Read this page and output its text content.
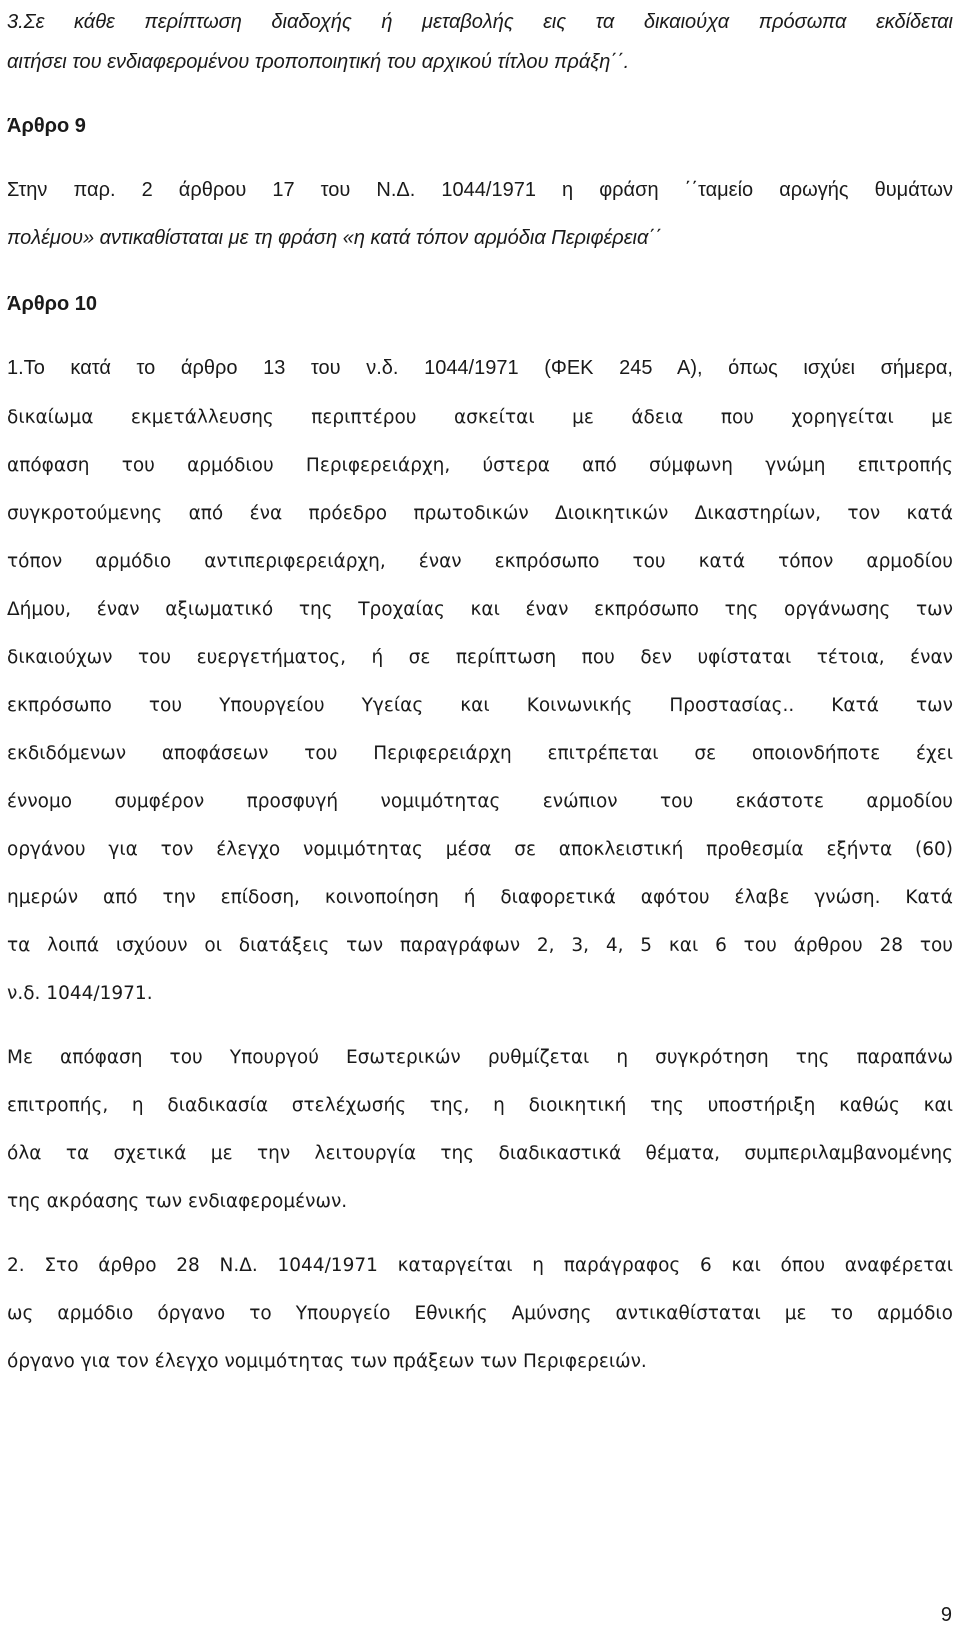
3.Σε κάθε περίπτωση διαδοχής ή μεταβολής εις τα δικαιούχα πρόσωπα εκδίδεται
αιτήσει του ενδιαφερομένου τροποποιητική του αρχικού τίτλου πράξη΄΄.
Άρθρο 9
Στην παρ. 2 άρθρου 17 του Ν.Δ. 1044/1971 η φράση ΄΄ταμείο αρωγής θυμάτων
πολέμου» αντικαθίσταται με τη φράση «η κατά τόπον αρμόδια Περιφέρεια΄΄
Άρθρο 10
1.Το κατά το άρθρο 13 του ν.δ. 1044/1971 (ΦΕΚ 245 Α), όπως ισχύει σήμερα,
δικαίωμα εκμετάλλευσης περιπτέρου ασκείται με άδεια που χορηγείται με
απόφαση του αρμόδιου Περιφερειάρχη, ύστερα από σύμφωνη γνώμη επιτροπής
συγκροτούμενης από ένα πρόεδρο πρωτοδικών Διοικητικών Δικαστηρίων, τον κατά
τόπον αρμόδιο αντιπεριφερειάρχη, έναν εκπρόσωπο του κατά τόπον αρμοδίου
Δήμου, έναν αξιωματικό της Τροχαίας και έναν εκπρόσωπο της οργάνωσης των
δικαιούχων του ευεργετήματος, ή σε περίπτωση που δεν υφίσταται τέτοια, έναν
εκπρόσωπο του Υπουργείου Υγείας και Κοινωνικής Προστασίας.. Κατά των
εκδιδόμενων αποφάσεων του Περιφερειάρχη επιτρέπεται σε οποιονδήποτε έχει
έννομο συμφέρον προσφυγή νομιμότητας ενώπιον του εκάστοτε αρμοδίου
οργάνου για τον έλεγχο νομιμότητας μέσα σε αποκλειστική προθεσμία εξήντα (60)
ημερών από την επίδοση, κοινοποίηση ή διαφορετικά αφότου έλαβε γνώση. Κατά
τα λοιπά ισχύουν οι διατάξεις των παραγράφων 2, 3, 4, 5 και 6 του άρθρου 28 του
ν.δ. 1044/1971.
Με απόφαση του Υπουργού Εσωτερικών ρυθμίζεται η συγκρότηση της παραπάνω
επιτροπής, η διαδικασία στελέχωσής της, η διοικητική της υποστήριξη καθώς και
όλα τα σχετικά με την λειτουργία της διαδικαστικά θέματα, συμπεριλαμβανομένης
της ακρόασης των ενδιαφερομένων.
2. Στο άρθρο 28 Ν.Δ. 1044/1971 καταργείται η παράγραφος 6 και όπου αναφέρεται
ως αρμόδιο όργανο το Υπουργείο Εθνικής Αμύνσης αντικαθίσταται με το αρμόδιο
όργανο για τον έλεγχο νομιμότητας των πράξεων των Περιφερειών.
9
